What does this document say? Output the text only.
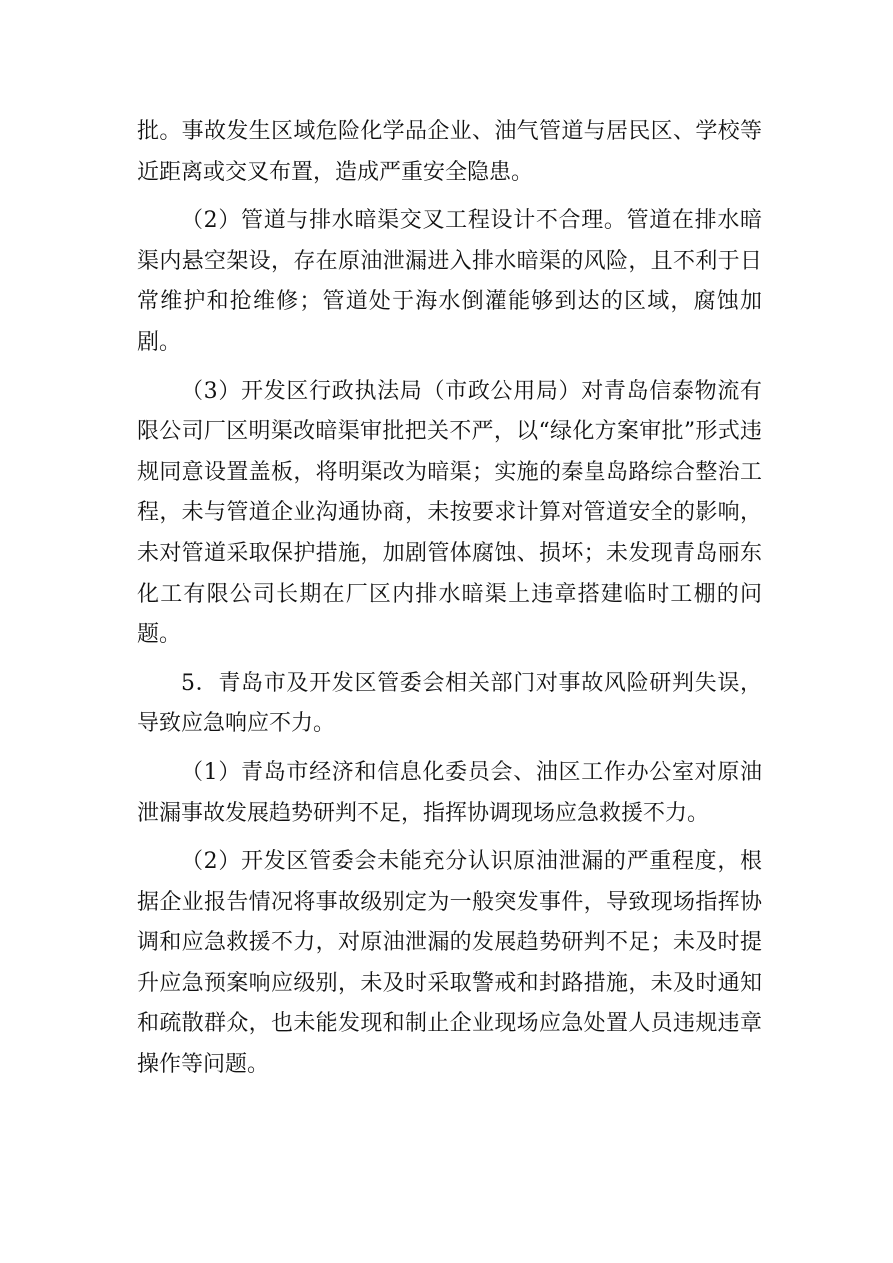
批。事故发生区域危险化学品企业、油气管道与居民区、学校等近距离或交叉布置，造成严重安全隐患。

（2）管道与排水暗渠交叉工程设计不合理。管道在排水暗渠内悬空架设，存在原油泄漏进入排水暗渠的风险，且不利于日常维护和抢维修；管道处于海水倒灌能够到达的区域，腐蚀加剧。

（3）开发区行政执法局（市政公用局）对青岛信泰物流有限公司厂区明渠改暗渠审批把关不严，以“绿化方案审批”形式违规同意设置盖板，将明渠改为暗渠；实施的秦皇岛路综合整治工程，未与管道企业沟通协商，未按要求计算对管道安全的影响，未对管道采取保护措施，加剧管体腐蚀、损坏；未发现青岛丽东化工有限公司长期在厂区内排水暗渠上违章搭建临时工棚的问题。

5．青岛市及开发区管委会相关部门对事故风险研判失误，导致应急响应不力。

（1）青岛市经济和信息化委员会、油区工作办公室对原油泄漏事故发展趋势研判不足，指挥协调现场应急救援不力。

（2）开发区管委会未能充分认识原油泄漏的严重程度，根据企业报告情况将事故级别定为一般突发事件，导致现场指挥协调和应急救援不力，对原油泄漏的发展趋势研判不足；未及时提升应急预案响应级别，未及时采取警戒和封路措施，未及时通知和疏散群众，也未能发现和制止企业现场应急处置人员违规违章操作等问题。
